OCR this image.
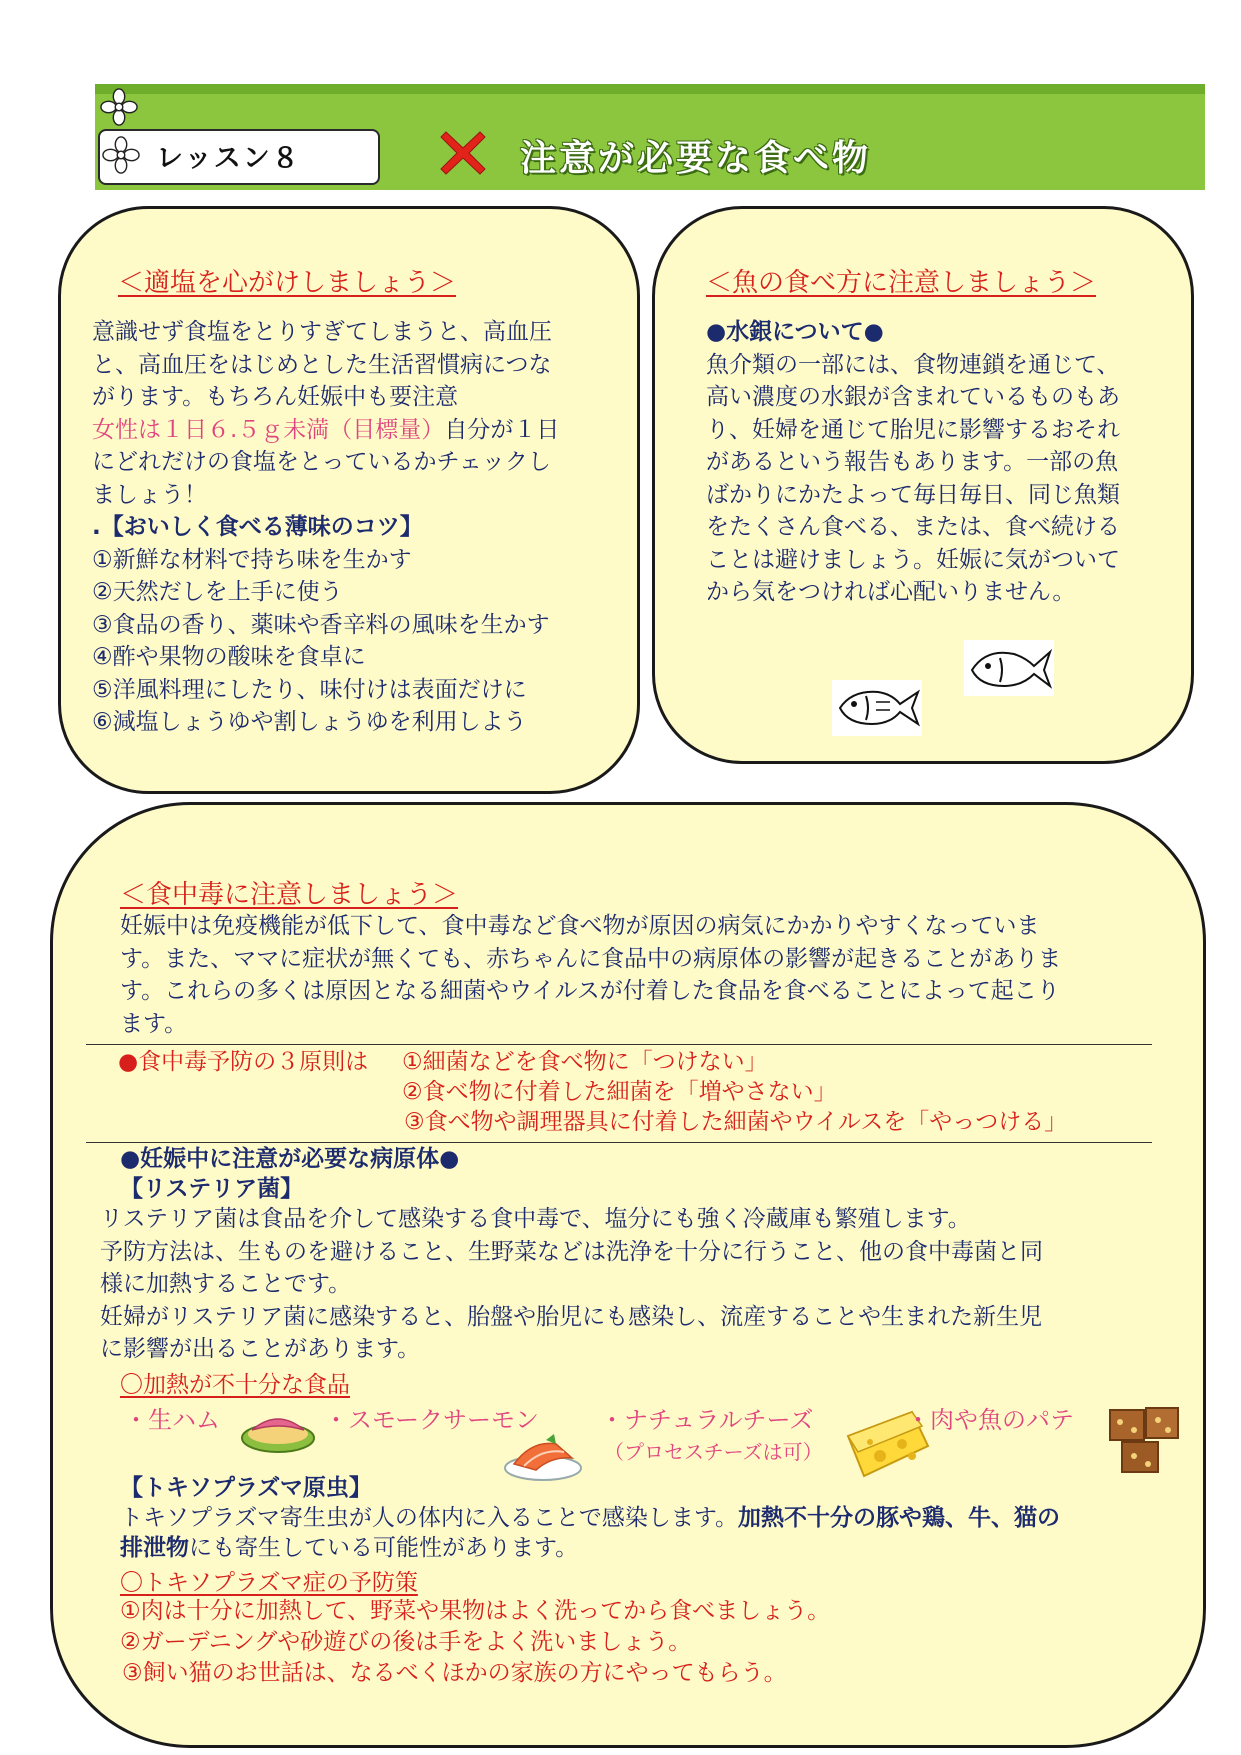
レッスン８	注意が必要な食べ物
＜適塩を心がけしましょう＞
意識せず食塩をとりすぎてしまうと、高血圧
と、高血圧をはじめとした生活習慣病につな
がります。もちろん妊娠中も要注意
女性は１日６.５ｇ未満（目標量）自分が１日
にどれだけの食塩をとっているかチェックし
ましょう！
.【おいしく食べる薄味のコツ】
①新鮮な材料で持ち味を生かす
②天然だしを上手に使う
③食品の香り、薬味や香辛料の風味を生かす
④酢や果物の酸味を食卓に
⑤洋風料理にしたり、味付けは表面だけに
⑥減塩しょうゆや割しょうゆを利用しよう
＜魚の食べ方に注意しましょう＞
●水銀について●
魚介類の一部には、食物連鎖を通じて、
高い濃度の水銀が含まれているものもあ
り、妊婦を通じて胎児に影響するおそれ
があるという報告もあります。一部の魚
ばかりにかたよって毎日毎日、同じ魚類
をたくさん食べる、または、食べ続ける
ことは避けましょう。妊娠に気がついて
から気をつければ心配いりません。
＜食中毒に注意しましょう＞
妊娠中は免疫機能が低下して、食中毒など食べ物が原因の病気にかかりやすくなっていま
す。また、ママに症状が無くても、赤ちゃんに食品中の病原体の影響が起きることがありま
す。これらの多くは原因となる細菌やウイルスが付着した食品を食べることによって起こり
ます。
●食中毒予防の３原則は ①細菌などを食べ物に「つけない」
②食べ物に付着した細菌を「増やさない」
③食べ物や調理器具に付着した細菌やウイルスを「やっつける」
●妊娠中に注意が必要な病原体●
【リステリア菌】
リステリア菌は食品を介して感染する食中毒で、塩分にも強く冷蔵庫も繁殖します。
予防方法は、生ものを避けること、生野菜などは洗浄を十分に行うこと、他の食中毒菌と同
様に加熱することです。
妊婦がリステリア菌に感染すると、胎盤や胎児にも感染し、流産することや生まれた新生児
に影響が出ることがあります。
〇加熱が不十分な食品
・生ハム	・スモークサーモン	・ナチュラルチーズ
（プロセスチーズは可）
・肉や魚のパテ
【トキソプラズマ原虫】
トキソプラズマ寄生虫が人の体内に入ることで感染します。加熱不十分の豚や鶏、牛、猫の
排泄物にも寄生している可能性があります。
〇トキソプラズマ症の予防策
①肉は十分に加熱して、野菜や果物はよく洗ってから食べましょう。
②ガーデニングや砂遊びの後は手をよく洗いましょう。
③飼い猫のお世話は、なるべくほかの家族の方にやってもらう。
